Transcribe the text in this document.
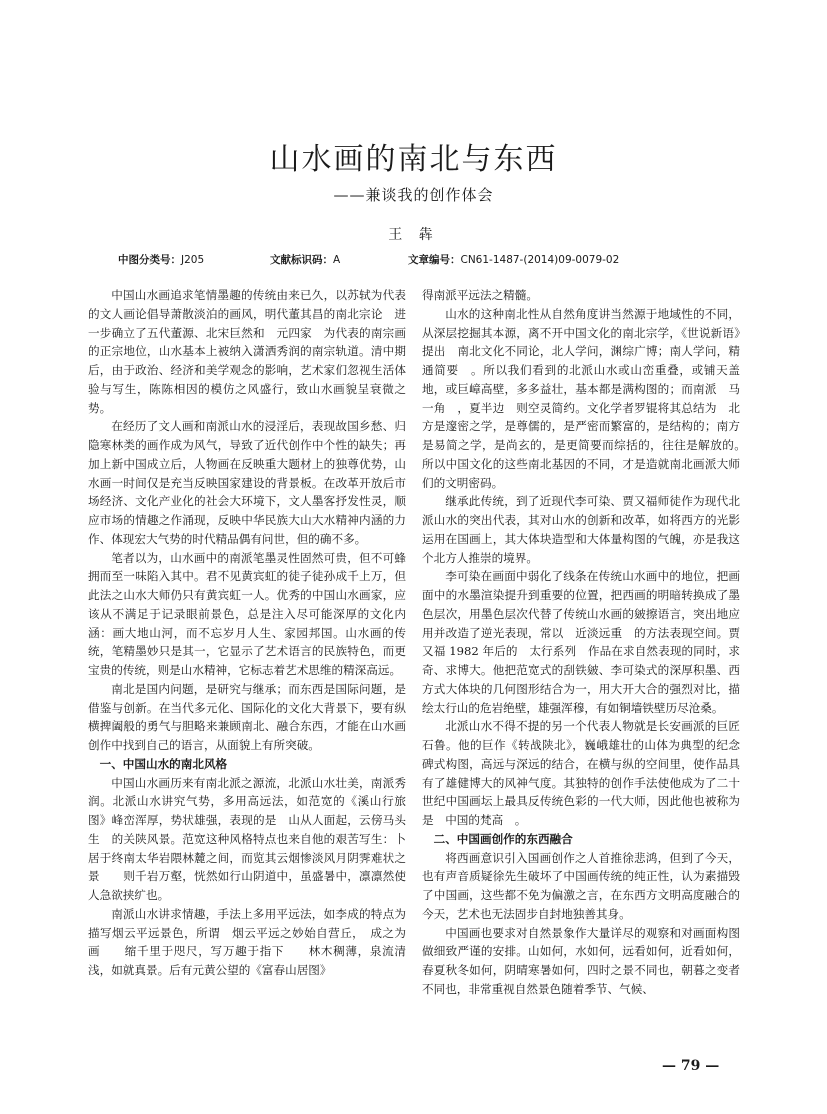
山水画的南北与东西
——兼谈我的创作体会
王 犇
中图分类号：J205	文献标识码：A	文章编号：CN61-1487-(2014)09-0079-02

中国山水画追求笔情墨趣的传统由来已久，以苏轼为代表的文人画论倡导萧散淡泊的画风，明代董其昌的南北宗论　进一步确立了五代董源、北宋巨然和　元四家　为代表的南宗画的正宗地位，山水基本上被纳入潇洒秀润的南宗轨道。清中期后，由于政治、经济和美学观念的影响，艺术家们忽视生活体验与写生，陈陈相因的模仿之风盛行，致山水画貌呈衰微之势。

在经历了文人画和南派山水的浸淫后，表现故国乡愁、归隐寒林类的画作成为风气，导致了近代创作中个性的缺失；再加上新中国成立后，人物画在反映重大题材上的独尊优势，山水画一时间仅是充当反映国家建设的背景板。在改革开放后市场经济、文化产业化的社会大环境下，文人墨客抒发性灵，顺应市场的情趣之作涌现，反映中华民族大山大水精神内涵的力作、体现宏大气势的时代精品偶有问世，但的确不多。

笔者以为，山水画中的南派笔墨灵性固然可贵，但不可蜂拥而至一味陷入其中。君不见黄宾虹的徒子徒孙成千上万，但此法之山水大师仍只有黄宾虹一人。优秀的中国山水画家，应该从不满足于记录眼前景色，总是注入尽可能深厚的文化内涵：画大地山河，而不忘岁月人生、家园邦国。山水画的传统，笔精墨妙只是其一，它显示了艺术语言的民族特色，而更宝贵的传统，则是山水精神，它标志着艺术思维的精深高远。

南北是国内问题，是研究与继承；而东西是国际问题，是借鉴与创新。在当代多元化、国际化的文化大背景下，要有纵横捭阖般的勇气与胆略来兼顾南北、融合东西，才能在山水画创作中找到自己的语言，从面貌上有所突破。

一、中国山水的南北风格

中国山水画历来有南北派之源流，北派山水壮美，南派秀润。北派山水讲究气势，多用高远法，如范宽的《溪山行旅图》峰峦浑厚，势状雄强，表现的是　山从人面起，云傍马头生　的关陕风景。范宽这种风格特点也来自他的艰苦写生：卜居于终南太华岩隈林麓之间，而览其云烟惨淡风月阴霁难状之景　　则千岩万壑，恍然如行山阴道中，虽盛暑中，凛凛然使人急欲挟纩也。

南派山水讲求情趣，手法上多用平远法，如李成的特点为描写烟云平远景色，所谓　烟云平远之妙始自营丘，　成之为画　　缩千里于咫尺，写万趣于指下　　林木稠薄，泉流清浅，如就真景。后有元黄公望的《富春山居图》

得南派平远法之精髓。

山水的这种南北性从自然角度讲当然源于地域性的不同，从深层挖掘其本源，离不开中国文化的南北宗学，《世说新语》提出　南北文化不同论，北人学问，渊综广博；南人学问，精通简要　。所以我们看到的北派山水或山峦重叠，或铺天盖地，或巨嶂高壁，多多益壮，基本都是满构图的；而南派　马一角　，夏半边　则空灵简约。文化学者罗锟将其总结为　北方是邃密之学，是尊儒的，是严密而繁富的，是结构的；南方是易简之学，是尚玄的，是更简要而综括的，往往是解放的。　所以中国文化的这些南北基因的不同，才是造就南北画派大师们的文明密码。

继承此传统，到了近现代李可染、贾又福师徒作为现代北派山水的突出代表，其对山水的创新和改革，如将西方的光影运用在国画上，其大体块造型和大体量构图的气魄，亦是我这个北方人推崇的境界。

李可染在画面中弱化了线条在传统山水画中的地位，把画面中的水墨渲染提升到重要的位置，把西画的明暗转换成了墨色层次，用墨色层次代替了传统山水画的皴擦语言，突出地应用并改造了逆光表现，常以　近淡远重　的方法表现空间。贾又福 1982 年后的　太行系列　作品在求自然表现的同时，求奇、求博大。他把范宽式的刮铁皴、李可染式的深厚积墨、西方式大体块的几何图形结合为一，用大开大合的强烈对比，描绘太行山的危岩绝壁，雄强浑穆，有如铜墙铁壁历尽沧桑。

北派山水不得不提的另一个代表人物就是长安画派的巨匠石鲁。他的巨作《转战陕北》，巍峨雄壮的山体为典型的纪念碑式构图，高远与深远的结合，在横与纵的空间里，使作品具有了雄健博大的风神气度。其独特的创作手法使他成为了二十世纪中国画坛上最具反传统色彩的一代大师，因此他也被称为是　中国的梵高　。

二、中国画创作的东西融合

将西画意识引入国画创作之人首推徐悲鸿，但到了今天，也有声音质疑徐先生破坏了中国画传统的纯正性，认为素描毁了中国画，这些都不免为偏激之言，在东西方文明高度融合的今天，艺术也无法固步自封地独善其身。

中国画也要求对自然景象作大量详尽的观察和对画面构图做细致严谨的安排。山如何，水如何，远看如何，近看如何，春夏秋冬如何，阴晴寒暑如何，四时之景不同也，朝暮之变者不同也，非常重视自然景色随着季节、气候、

— 79 —
